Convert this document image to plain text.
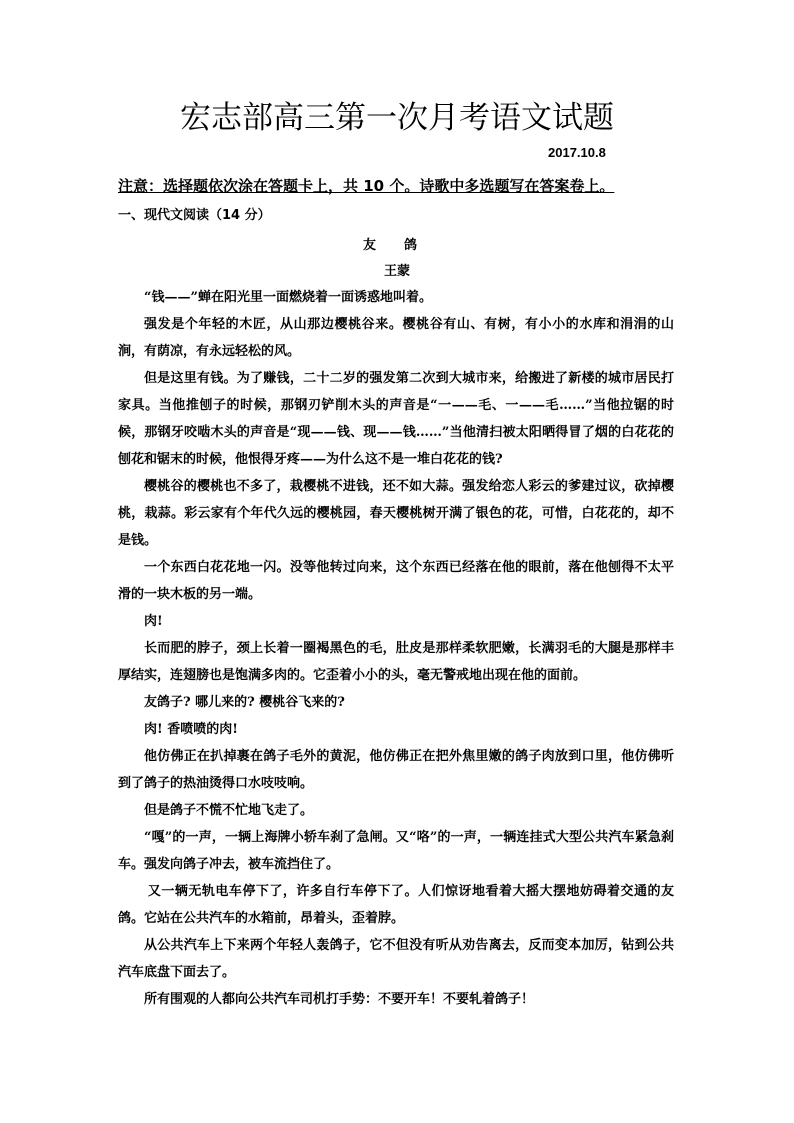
宏志部高三第一次月考语文试题
2017.10.8
注意：选择题依次涂在答题卡上，共 10 个。诗歌中多选题写在答案卷上。
一、现代文阅读（14 分）
友鸽
王蒙

“钱——”蝉在阳光里一面燃烧着一面诱惑地叫着。

强发是个年轻的木匠，从山那边樱桃谷来。樱桃谷有山、有树，有小小的水库和涓涓的山涧，有荫凉，有永远轻松的风。

但是这里有钱。为了赚钱，二十二岁的强发第二次到大城市来，给搬进了新楼的城市居民打家具。当他推刨子的时候，那钢刃铲削木头的声音是“一——毛、一——毛……”当他拉锯的时候，那钢牙咬啮木头的声音是“现——钱、现——钱……”当他清扫被太阳晒得冒了烟的白花花的刨花和锯末的时候，他恨得牙疼——为什么这不是一堆白花花的钱?

樱桃谷的樱桃也不多了，栽樱桃不进钱，还不如大蒜。强发给恋人彩云的爹建过议，砍掉樱桃，栽蒜。彩云家有个年代久远的樱桃园，春天樱桃树开满了银色的花，可惜，白花花的，却不是钱。

一个东西白花花地一闪。没等他转过向来，这个东西已经落在他的眼前，落在他刨得不太平滑的一块木板的另一端。

肉!

长而肥的脖子，颈上长着一圈褐黑色的毛，肚皮是那样柔软肥嫩，长满羽毛的大腿是那样丰厚结实，连翅膀也是饱满多肉的。它歪着小小的头，毫无警戒地出现在他的面前。

友鸽子? 哪儿来的? 樱桃谷飞来的?

肉! 香喷喷的肉!

他仿佛正在扒掉裹在鸽子毛外的黄泥，他仿佛正在把外焦里嫩的鸽子肉放到口里，他仿佛听到了鸽子的热油烫得口水吱吱响。

但是鸽子不慌不忙地飞走了。

“嘎”的一声，一辆上海牌小轿车刹了急闸。又“咯”的一声，一辆连挂式大型公共汽车紧急刹车。强发向鸽子冲去，被车流挡住了。

又一辆无轨电车停下了，许多自行车停下了。人们惊讶地看着大摇大摆地妨碍着交通的友鸽。它站在公共汽车的水箱前，昂着头，歪着脖。

从公共汽车上下来两个年轻人轰鸽子，它不但没有听从劝告离去，反而变本加厉，钻到公共汽车底盘下面去了。

所有围观的人都向公共汽车司机打手势：不要开车！不要轧着鸽子！
